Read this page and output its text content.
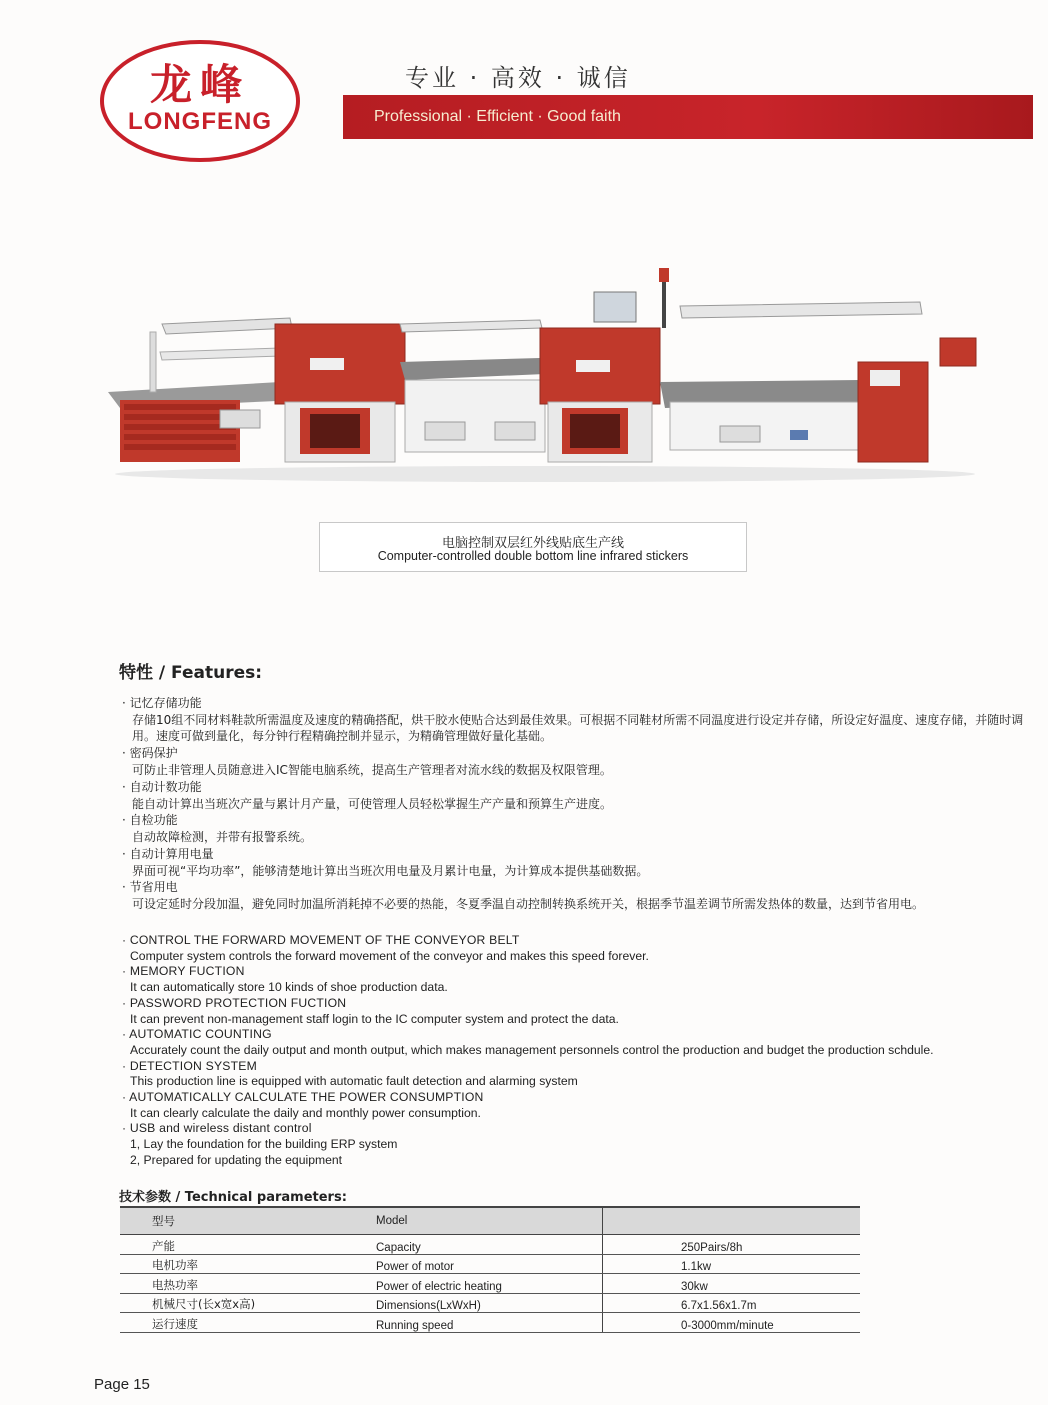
龙峰
LONGFENG
专业 · 高效 · 诚信
Professional · Efficient · Good faith
电脑控制双层红外线贴底生产线
Computer-controlled double bottom line infrared stickers
特性 / Features:
· 记忆存储功能
存储10组不同材料鞋款所需温度及速度的精确搭配，烘干胶水使贴合达到最佳效果。可根据不同鞋材所需不同温度进行设定并存储，所设定好温度、速度存储，并随时调用。速度可做到量化，每分钟行程精确控制并显示，为精确管理做好量化基础。
· 密码保护
可防止非管理人员随意进入IC智能电脑系统，提高生产管理者对流水线的数据及权限管理。
· 自动计数功能
能自动计算出当班次产量与累计月产量，可使管理人员轻松掌握生产产量和预算生产进度。
· 自检功能
自动故障检测，并带有报警系统。
· 自动计算用电量
界面可视“平均功率”，能够清楚地计算出当班次用电量及月累计电量，为计算成本提供基础数据。
· 节省用电
可设定延时分段加温，避免同时加温所消耗掉不必要的热能，冬夏季温自动控制转换系统开关，根据季节温差调节所需发热体的数量，达到节省用电。
· CONTROL THE FORWARD MOVEMENT OF THE CONVEYOR BELT
Computer system controls the forward movement of the conveyor and makes this speed forever.
· MEMORY FUCTION
It can automatically store 10 kinds of shoe production data.
· PASSWORD PROTECTION FUCTION
It can prevent non-management staff login to the IC computer system and protect the data.
· AUTOMATIC COUNTING
Accurately count the daily output and month output, which makes management personnels control the production and budget the production schdule.
· DETECTION SYSTEM
This production line is equipped with automatic fault detection and alarming system
· AUTOMATICALLY CALCULATE THE POWER CONSUMPTION
It can clearly calculate the daily and monthly power consumption.
· USB and wireless distant control
1, Lay the foundation for the building ERP system
2, Prepared for updating the equipment
技术参数 / Technical parameters:
型号	Model	
产能	Capacity	250Pairs/8h
电机功率	Power of motor	1.1kw
电热功率	Power of electric heating	30kw
机械尺寸(长x宽x高)	Dimensions(LxWxH)	6.7x1.56x1.7m
运行速度	Running speed	0-3000mm/minute
Page 15
